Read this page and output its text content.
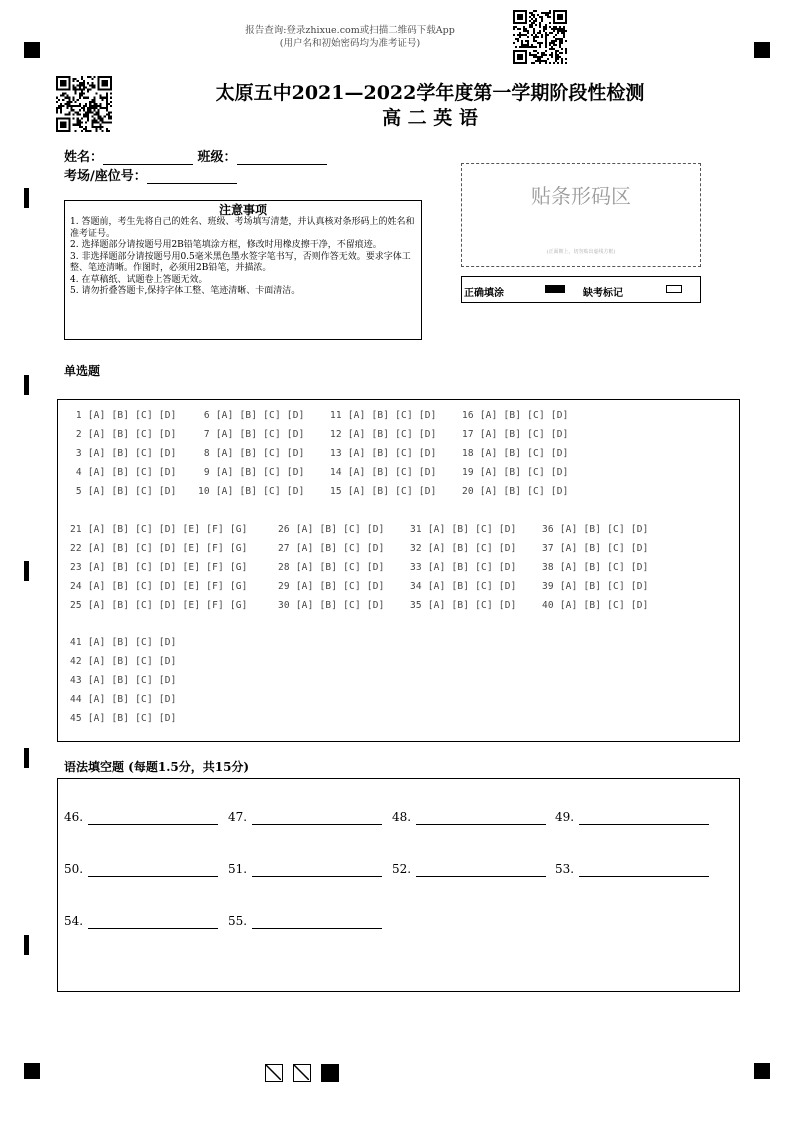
报告查询:登录zhixue.com或扫描二维码下载App
(用户名和初始密码均为准考证号)
太原五中2021—2022学年度第一学期阶段性检测
高 二 英 语
姓名：	班级：
考场/座位号：
注意事项
1. 答题前，考生先将自己的姓名、班级、考场填写清楚，并认真核对条形码上的姓名和准考证号。
2. 选择题部分请按题号用2B铅笔填涂方框，修改时用橡皮擦干净，不留痕迹。
3. 非选择题部分请按题号用0.5毫米黑色墨水签字笔书写，否则作答无效。要求字体工整、笔迹清晰。作图时，必须用2B铅笔，并描浓。
4. 在草稿纸、试题卷上答题无效。
5. 请勿折叠答题卡,保持字体工整、笔迹清晰、卡面清洁。
贴条形码区
(正面朝上，切勿贴出虚线方框)
正确填涂	缺考标记
单选题
1 [A] [B] [C] [D]
2 [A] [B] [C] [D]
3 [A] [B] [C] [D]
4 [A] [B] [C] [D]
5 [A] [B] [C] [D]
6 [A] [B] [C] [D]
7 [A] [B] [C] [D]
8 [A] [B] [C] [D]
9 [A] [B] [C] [D]
10 [A] [B] [C] [D]
11 [A] [B] [C] [D]
12 [A] [B] [C] [D]
13 [A] [B] [C] [D]
14 [A] [B] [C] [D]
15 [A] [B] [C] [D]
16 [A] [B] [C] [D]
17 [A] [B] [C] [D]
18 [A] [B] [C] [D]
19 [A] [B] [C] [D]
20 [A] [B] [C] [D]
21 [A] [B] [C] [D] [E] [F] [G]
22 [A] [B] [C] [D] [E] [F] [G]
23 [A] [B] [C] [D] [E] [F] [G]
24 [A] [B] [C] [D] [E] [F] [G]
25 [A] [B] [C] [D] [E] [F] [G]
26 [A] [B] [C] [D]
27 [A] [B] [C] [D]
28 [A] [B] [C] [D]
29 [A] [B] [C] [D]
30 [A] [B] [C] [D]
31 [A] [B] [C] [D]
32 [A] [B] [C] [D]
33 [A] [B] [C] [D]
34 [A] [B] [C] [D]
35 [A] [B] [C] [D]
36 [A] [B] [C] [D]
37 [A] [B] [C] [D]
38 [A] [B] [C] [D]
39 [A] [B] [C] [D]
40 [A] [B] [C] [D]
41 [A] [B] [C] [D]
42 [A] [B] [C] [D]
43 [A] [B] [C] [D]
44 [A] [B] [C] [D]
45 [A] [B] [C] [D]
语法填空题 (每题1.5分，共15分)
46.	47.	48.	49.
50.	51.	52.	53.
54.	55.
